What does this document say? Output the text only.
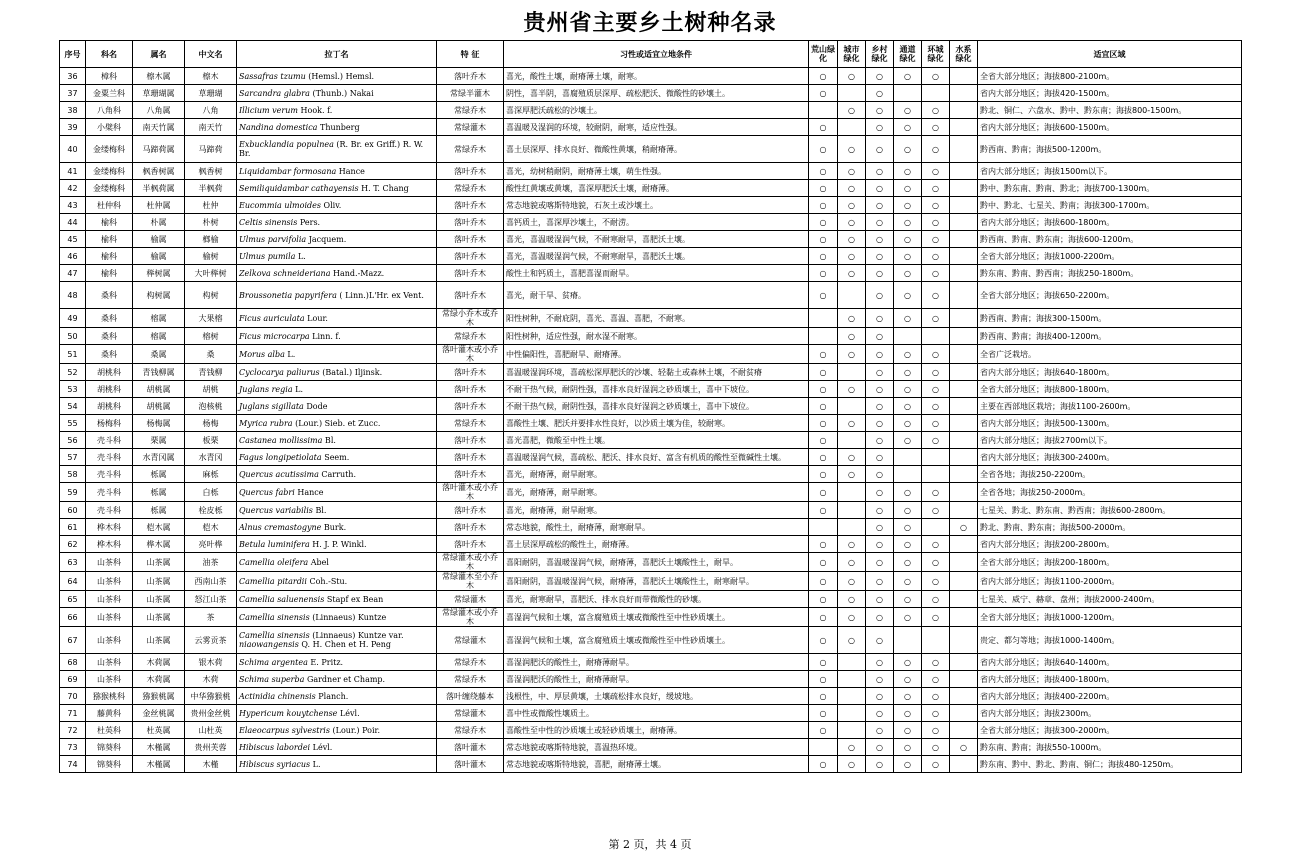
贵州省主要乡土树种名录
序号	科名	属名	中文名	拉丁名	特 征	习性或适宜立地条件	荒山绿化	城市绿化	乡村绿化	通道绿化	环城绿化	水系绿化	适宜区域
36	樟科	檫木属	檫木	Sassafras tzumu (Hemsl.) Hemsl.	落叶乔木	喜光，酸性土壤，耐瘠薄土壤，耐寒。	○	○	○	○	○		全省大部分地区；海拔800-2100m。
37	金粟兰科	草珊瑚属	草珊瑚	Sarcandra glabra (Thunb.) Nakai	常绿半灌木	阴性，喜半阴，喜腐殖质层深厚、疏松肥沃、微酸性的砂壤土。	○		○				省内大部分地区；海拔420-1500m。
38	八角科	八角属	八角	Illicium verum Hook. f.	常绿乔木	喜深厚肥沃疏松的沙壤土。		○	○	○	○		黔北、铜仁、六盘水、黔中、黔东南；海拔800-1500m。
39	小檗科	南天竹属	南天竹	Nandina domestica Thunberg	常绿灌木	喜温暖及湿润的环境，较耐阴，耐寒，适应性强。	○		○	○	○		省内大部分地区；海拔600-1500m。
40	金缕梅科	马蹄荷属	马蹄荷	Exbucklandia populnea (R. Br. ex Griff.) R. W. Br.	常绿乔木	喜土层深厚、排水良好、微酸性黄壤，稍耐瘠薄。	○	○	○	○	○		黔西南、黔南；海拔500-1200m。
41	金缕梅科	枫香树属	枫香树	Liquidambar formosana Hance	落叶乔木	喜光，幼树稍耐阴，耐瘠薄土壤，萌生性强。	○	○	○	○	○		省内大部分地区；海拔1500m以下。
42	金缕梅科	半枫荷属	半枫荷	Semiliquidambar cathayensis H. T. Chang	常绿乔木	酸性红黄壤或黄壤，喜深厚肥沃土壤，耐瘠薄。	○	○	○	○	○		黔中、黔东南、黔南、黔北；海拔700-1300m。
43	杜仲科	杜仲属	杜仲	Eucommia ulmoides Oliv.	落叶乔木	常态地貌或喀斯特地貌，石灰土或沙壤土。	○	○	○	○	○		黔中、黔北、七星关、黔南；海拔300-1700m。
44	榆科	朴属	朴树	Celtis sinensis Pers.	落叶乔木	喜钙质土，喜深厚沙壤土，不耐涝。	○	○	○	○	○		省内大部分地区；海拔600-1800m。
45	榆科	榆属	榔榆	Ulmus parvifolia Jacquem.	落叶乔木	喜光，喜温暖湿润气候，不耐寒耐旱，喜肥沃土壤。	○	○	○	○	○		黔西南、黔南、黔东南；海拔600-1200m。
46	榆科	榆属	榆树	Ulmus pumila L.	落叶乔木	喜光，喜温暖湿润气候，不耐寒耐旱，喜肥沃土壤。	○	○	○	○	○		全省大部分地区；海拔1000-2200m。
47	榆科	榉树属	大叶榉树	Zelkova schneideriana Hand.-Mazz.	落叶乔木	酸性土和钙质土，喜肥喜湿而耐旱。	○	○	○	○	○		黔东南、黔南、黔西南；海拔250-1800m。
48	桑科	构树属	构树	Broussonetia papyrifera ( Linn.)L'Hr. ex Vent.	落叶乔木	喜光，耐干旱、贫瘠。	○		○	○	○		全省大部分地区；海拔650-2200m。
49	桑科	榕属	大果榕	Ficus auriculata Lour.	常绿小乔木或乔木	阳性树种，不耐庇阴，喜光、喜温、喜肥，不耐寒。		○	○	○	○		黔西南、黔南；海拔300-1500m。
50	桑科	榕属	榕树	Ficus microcarpa Linn. f.	常绿乔木	阳性树种，适应性强，耐水湿不耐寒。		○	○				黔西南、黔南；海拔400-1200m。
51	桑科	桑属	桑	Morus alba L.	落叶灌木或小乔木	中性偏阳性，喜肥耐旱、耐瘠薄。	○	○	○	○	○		全省广泛栽培。
52	胡桃科	青钱柳属	青钱柳	Cyclocarya paliurus (Batal.) Iljinsk.	落叶乔木	喜温暖湿润环境，喜疏松深厚肥沃的沙壤、轻黏土或森林土壤，不耐贫瘠	○		○	○	○		省内大部分地区；海拔640-1800m。
53	胡桃科	胡桃属	胡桃	Juglans regia L.	落叶乔木	不耐干热气候，耐阴性强，喜排水良好湿润之砂质壤土，喜中下坡位。	○	○	○	○	○		全省大部分地区；海拔800-1800m。
54	胡桃科	胡桃属	泡核桃	Juglans sigillata Dode	落叶乔木	不耐干热气候，耐阴性强，喜排水良好湿润之砂质壤土，喜中下坡位。	○		○	○	○		主要在西部地区栽培；海拔1100-2600m。
55	杨梅科	杨梅属	杨梅	Myrica rubra (Lour.) Sieb. et Zucc.	常绿乔木	喜酸性土壤、肥沃并要排水性良好，以沙质土壤为佳，较耐寒。	○	○	○	○	○		省内大部分地区；海拔500-1300m。
56	壳斗科	栗属	板栗	Castanea mollissima Bl.	落叶乔木	喜光喜肥，微酸至中性土壤。	○		○	○	○		省内大部分地区；海拔2700m以下。
57	壳斗科	水青冈属	水青冈	Fagus longipetiolata Seem.	落叶乔木	喜温暖湿润气候，喜疏松、肥沃、排水良好、富含有机质的酸性至微碱性土壤。	○	○	○				省内大部分地区；海拔300-2400m。
58	壳斗科	栎属	麻栎	Quercus acutissima Carruth.	落叶乔木	喜光，耐瘠薄，耐旱耐寒。	○	○	○				全省各地；海拔250-2200m。
59	壳斗科	栎属	白栎	Quercus fabri Hance	落叶灌木或小乔木	喜光，耐瘠薄，耐旱耐寒。	○		○	○	○		全省各地；海拔250-2000m。
60	壳斗科	栎属	栓皮栎	Quercus variabilis Bl.	落叶乔木	喜光，耐瘠薄，耐旱耐寒。	○		○	○	○		七星关、黔北、黔东南、黔西南；海拔600-2800m。
61	桦木科	桤木属	桤木	Alnus cremastogyne Burk.	落叶乔木	常态地貌，酸性土，耐瘠薄，耐寒耐旱。			○	○		○	黔北、黔南、黔东南；海拔500-2000m。
62	桦木科	桦木属	亮叶桦	Betula luminifera H. J. P. Winkl.	落叶乔木	喜土层深厚疏松的酸性土，耐瘠薄。	○	○	○	○	○		省内大部分地区；海拔200-2800m。
63	山茶科	山茶属	油茶	Camellia oleifera Abel	常绿灌木或小乔木	喜阳耐阴，喜温暖湿润气候，耐瘠薄，喜肥沃土壤酸性土，耐旱。	○	○	○	○	○		全省大部分地区；海拔200-1800m。
64	山茶科	山茶属	西南山茶	Camellia pitardii Coh.-Stu.	常绿灌木至小乔木	喜阳耐阴，喜温暖湿润气候，耐瘠薄，喜肥沃土壤酸性土，耐寒耐旱。	○	○	○	○	○		省内大部分地区；海拔1100-2000m。
65	山茶科	山茶属	怒江山茶	Camellia saluenensis Stapf ex Bean	常绿灌木	喜光，耐寒耐旱，喜肥沃、排水良好而带微酸性的砂壤。	○	○	○	○	○		七星关、威宁、赫章、盘州；海拔2000-2400m。
66	山茶科	山茶属	茶	Camellia sinensis (Linnaeus) Kuntze	常绿灌木或小乔木	喜湿润气候和土壤，富含腐殖质土壤或微酸性至中性砂质壤土。	○	○	○	○	○		全省大部分地区；海拔1000-1200m。
67	山茶科	山茶属	云雾贡茶	Camellia sinensis (Linnaeus) Kuntze var. niaowangensis Q. H. Chen et H. Peng	常绿灌木	喜湿润气候和土壤，富含腐殖质土壤或微酸性至中性砂质壤土。	○	○	○				贵定、都匀等地；海拔1000-1400m。
68	山茶科	木荷属	银木荷	Schima argentea E. Pritz.	常绿乔木	喜湿润肥沃的酸性土，耐瘠薄耐旱。	○		○	○	○		省内大部分地区；海拔640-1400m。
69	山茶科	木荷属	木荷	Schima superba Gardner et Champ.	常绿乔木	喜湿润肥沃的酸性土，耐瘠薄耐旱。	○		○	○	○		省内大部分地区；海拔400-1800m。
70	猕猴桃科	猕猴桃属	中华猕猴桃	Actinidia chinensis Planch.	落叶缠绕藤本	浅根性，中、厚层黄壤，土壤疏松排水良好，缓坡地。	○		○	○	○		省内大部分地区；海拔400-2200m。
71	藤黄科	金丝桃属	贵州金丝桃	Hypericum kouytchense Lévl.	常绿灌木	喜中性或微酸性壤质土。	○		○	○	○		省内大部分地区；海拔2300m。
72	杜英科	杜英属	山杜英	Elaeocarpus sylvestris (Lour.) Poir.	常绿乔木	喜酸性至中性的沙质壤土或轻砂质壤土，耐瘠薄。	○		○	○	○		全省大部分地区；海拔300-2000m。
73	锦葵科	木槿属	贵州芙蓉	Hibiscus labordei Lévl.	落叶灌木	常态地貌或喀斯特地貌，喜温热环境。		○	○	○	○	○	黔东南、黔南；海拔550-1000m。
74	锦葵科	木槿属	木槿	Hibiscus syriacus L.	落叶灌木	常态地貌或喀斯特地貌，喜肥，耐瘠薄土壤。	○	○	○	○	○		黔东南、黔中、黔北、黔南、铜仁；海拔480-1250m。
第 2 页，共 4 页
